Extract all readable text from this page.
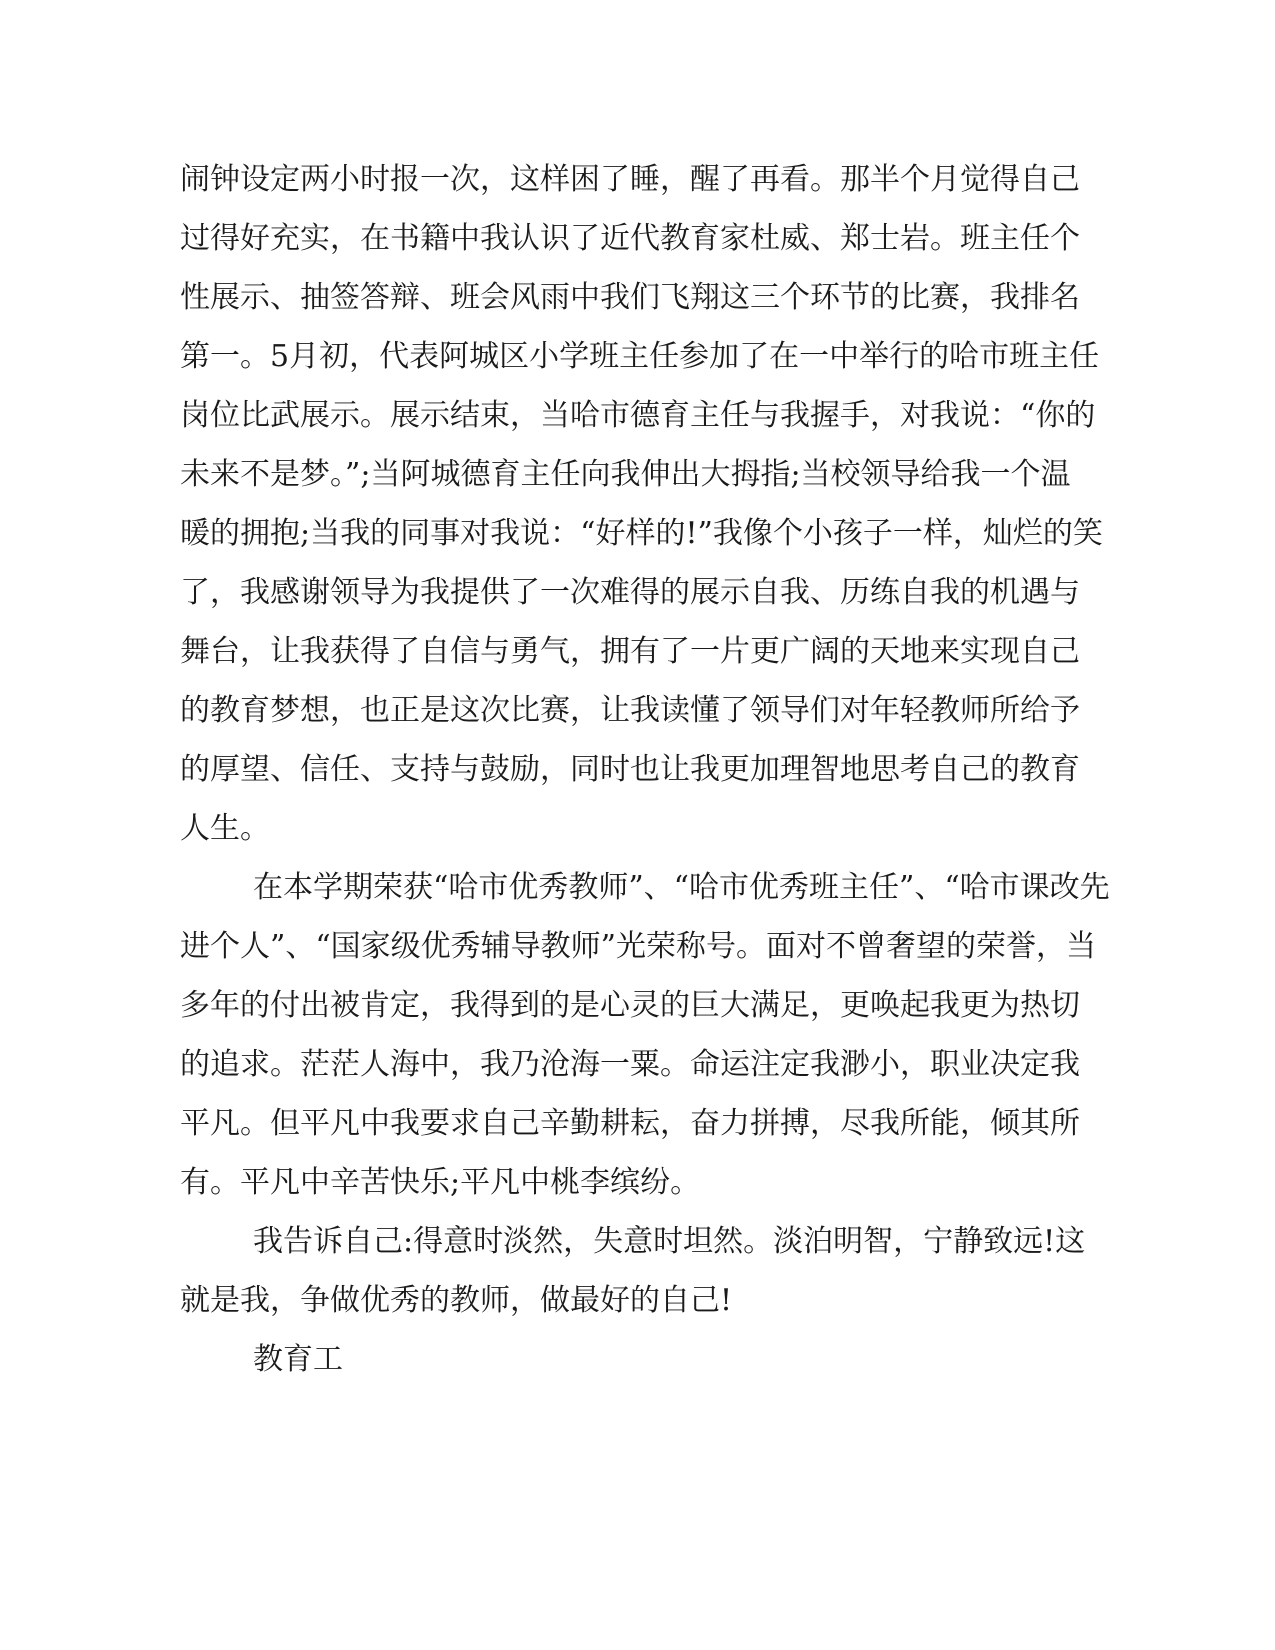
闹钟设定两小时报一次，这样困了睡，醒了再看。那半个月觉得自己

过得好充实，在书籍中我认识了近代教育家杜威、郑士岩。班主任个

性展示、抽签答辩、班会风雨中我们飞翔这三个环节的比赛，我排名

第一。5月初，代表阿城区小学班主任参加了在一中举行的哈市班主任

岗位比武展示。展示结束，当哈市德育主任与我握手，对我说：“你的

未来不是梦。”;当阿城德育主任向我伸出大拇指;当校领导给我一个温

暖的拥抱;当我的同事对我说：“好样的!”我像个小孩子一样，灿烂的笑

了，我感谢领导为我提供了一次难得的展示自我、历练自我的机遇与

舞台，让我获得了自信与勇气，拥有了一片更广阔的天地来实现自己

的教育梦想，也正是这次比赛，让我读懂了领导们对年轻教师所给予

的厚望、信任、支持与鼓励，同时也让我更加理智地思考自己的教育

人生。

在本学期荣获“哈市优秀教师”、“哈市优秀班主任”、“哈市课改先

进个人”、“国家级优秀辅导教师”光荣称号。面对不曾奢望的荣誉，当

多年的付出被肯定，我得到的是心灵的巨大满足，更唤起我更为热切

的追求。茫茫人海中，我乃沧海一粟。命运注定我渺小，职业决定我

平凡。但平凡中我要求自己辛勤耕耘，奋力拼搏，尽我所能，倾其所

有。平凡中辛苦快乐;平凡中桃李缤纷。

我告诉自己:得意时淡然，失意时坦然。淡泊明智，宁静致远!这

就是我，争做优秀的教师，做最好的自己!

教育工
